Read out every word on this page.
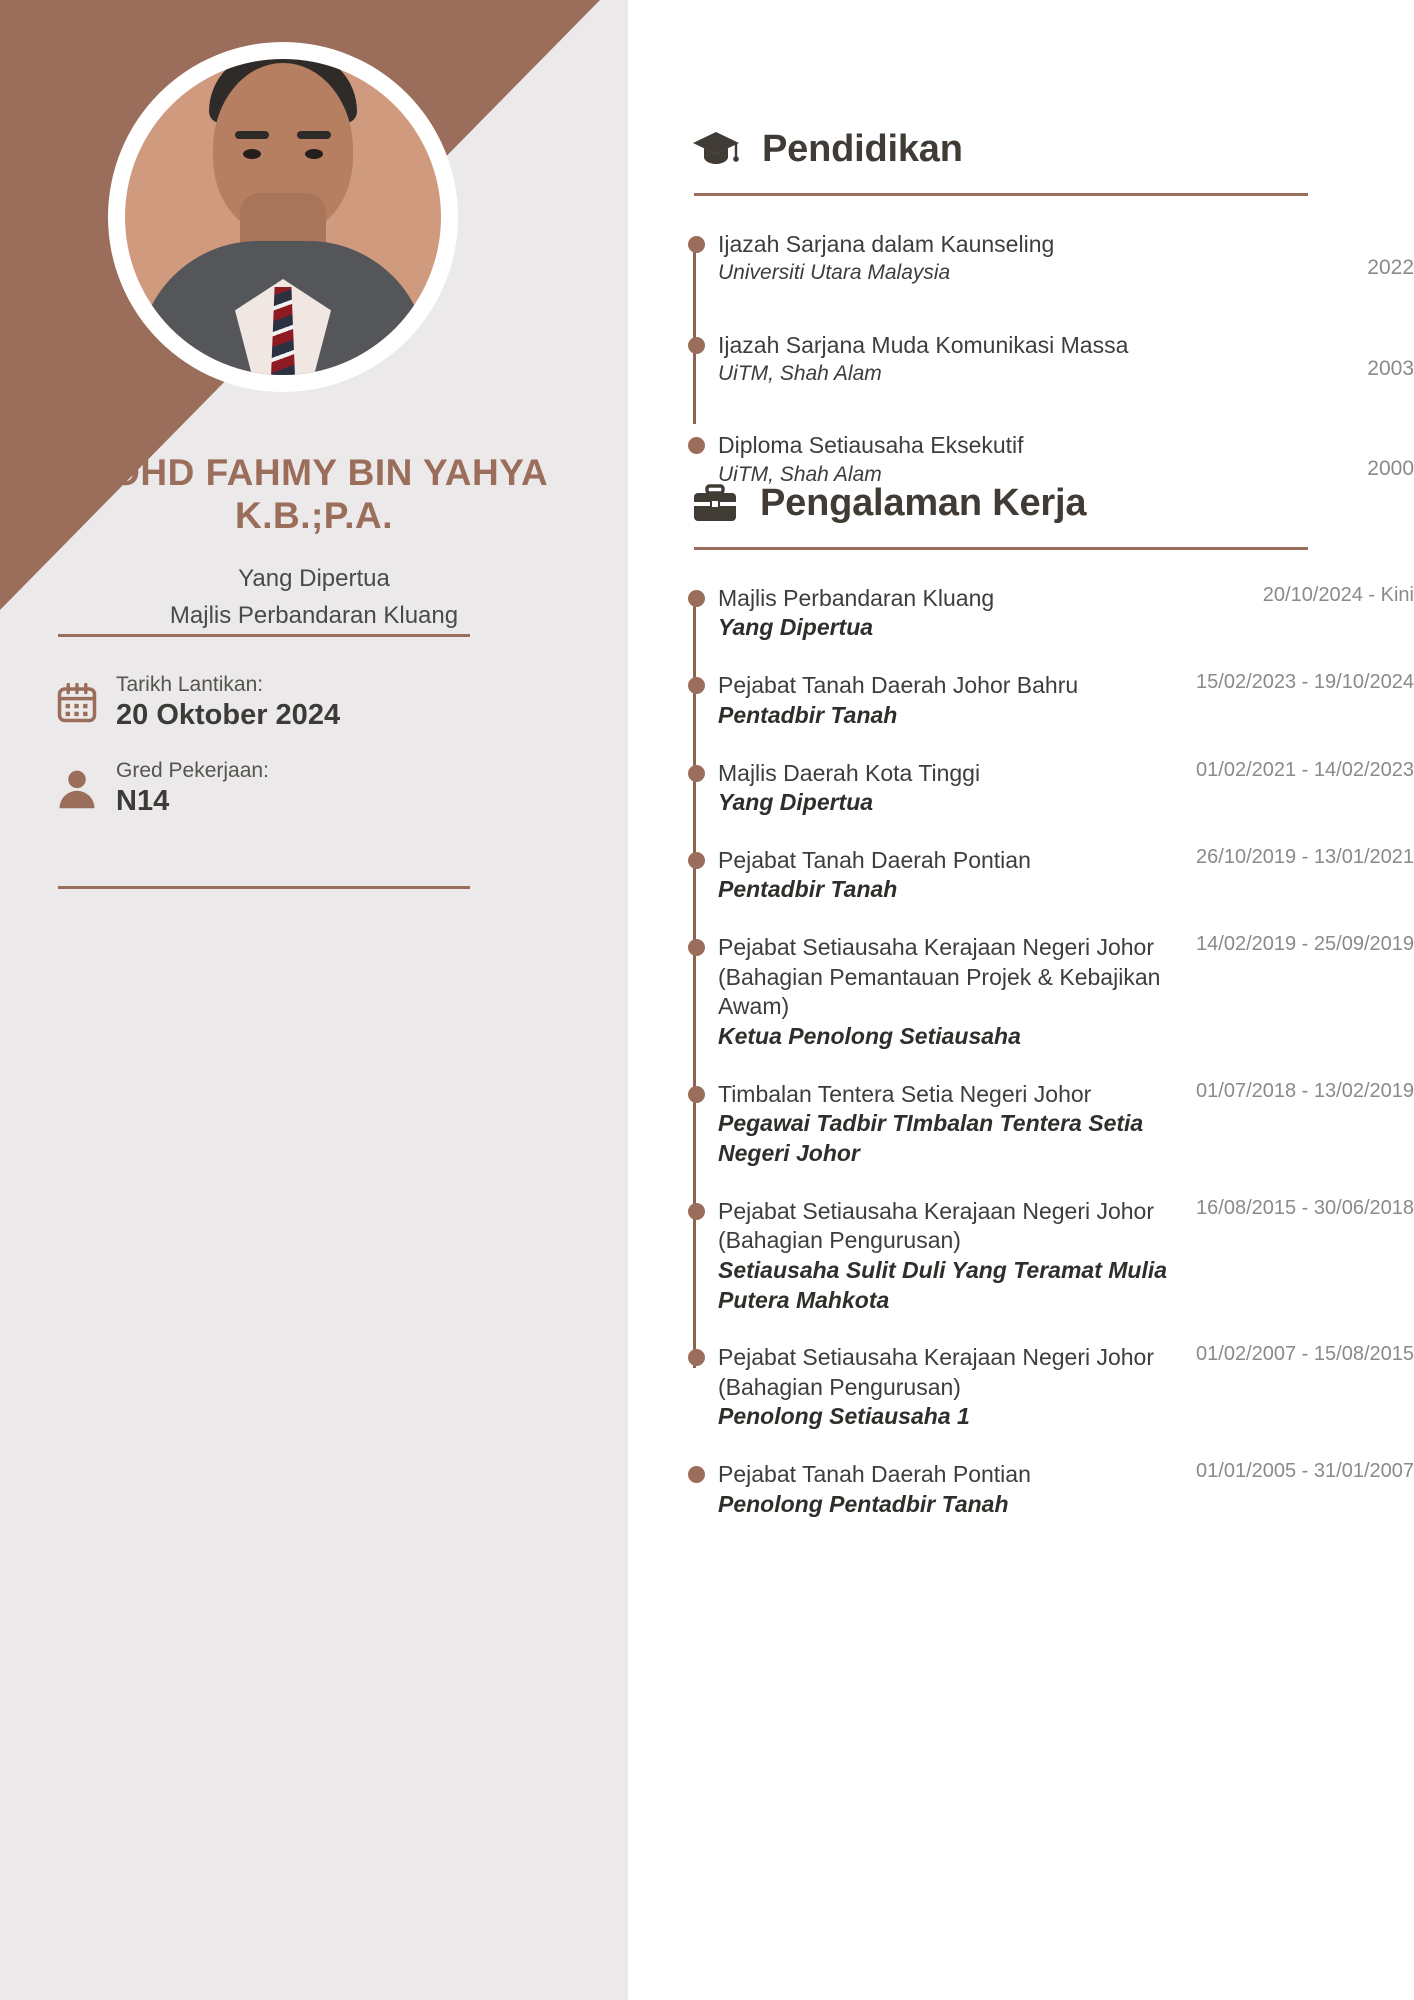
MOHD FAHMY BIN YAHYA
K.B.;P.A.
Yang Dipertua
Majlis Perbandaran Kluang
Tarikh Lantikan:
20 Oktober 2024
Gred Pekerjaan:
N14
Pendidikan
Ijazah Sarjana dalam Kaunseling
Universiti Utara Malaysia	2022
Ijazah Sarjana Muda Komunikasi Massa
UiTM, Shah Alam	2003
Diploma Setiausaha Eksekutif
UiTM, Shah Alam	2000
Pengalaman Kerja
Majlis Perbandaran Kluang
Yang Dipertua
20/10/2024 - Kini
Pejabat Tanah Daerah Johor Bahru
Pentadbir Tanah
15/02/2023 - 19/10/2024
Majlis Daerah Kota Tinggi
Yang Dipertua
01/02/2021 - 14/02/2023
Pejabat Tanah Daerah Pontian
Pentadbir Tanah
26/10/2019 - 13/01/2021
Pejabat Setiausaha Kerajaan Negeri Johor (Bahagian Pemantauan Projek & Kebajikan Awam)
Ketua Penolong Setiausaha
14/02/2019 - 25/09/2019
Timbalan Tentera Setia Negeri Johor
Pegawai Tadbir TImbalan Tentera Setia Negeri Johor
01/07/2018 - 13/02/2019
Pejabat Setiausaha Kerajaan Negeri Johor (Bahagian Pengurusan)
Setiausaha Sulit Duli Yang Teramat Mulia Putera Mahkota
16/08/2015 - 30/06/2018
Pejabat Setiausaha Kerajaan Negeri Johor (Bahagian Pengurusan)
Penolong Setiausaha 1
01/02/2007 - 15/08/2015
Pejabat Tanah Daerah Pontian
Penolong Pentadbir Tanah
01/01/2005 - 31/01/2007
